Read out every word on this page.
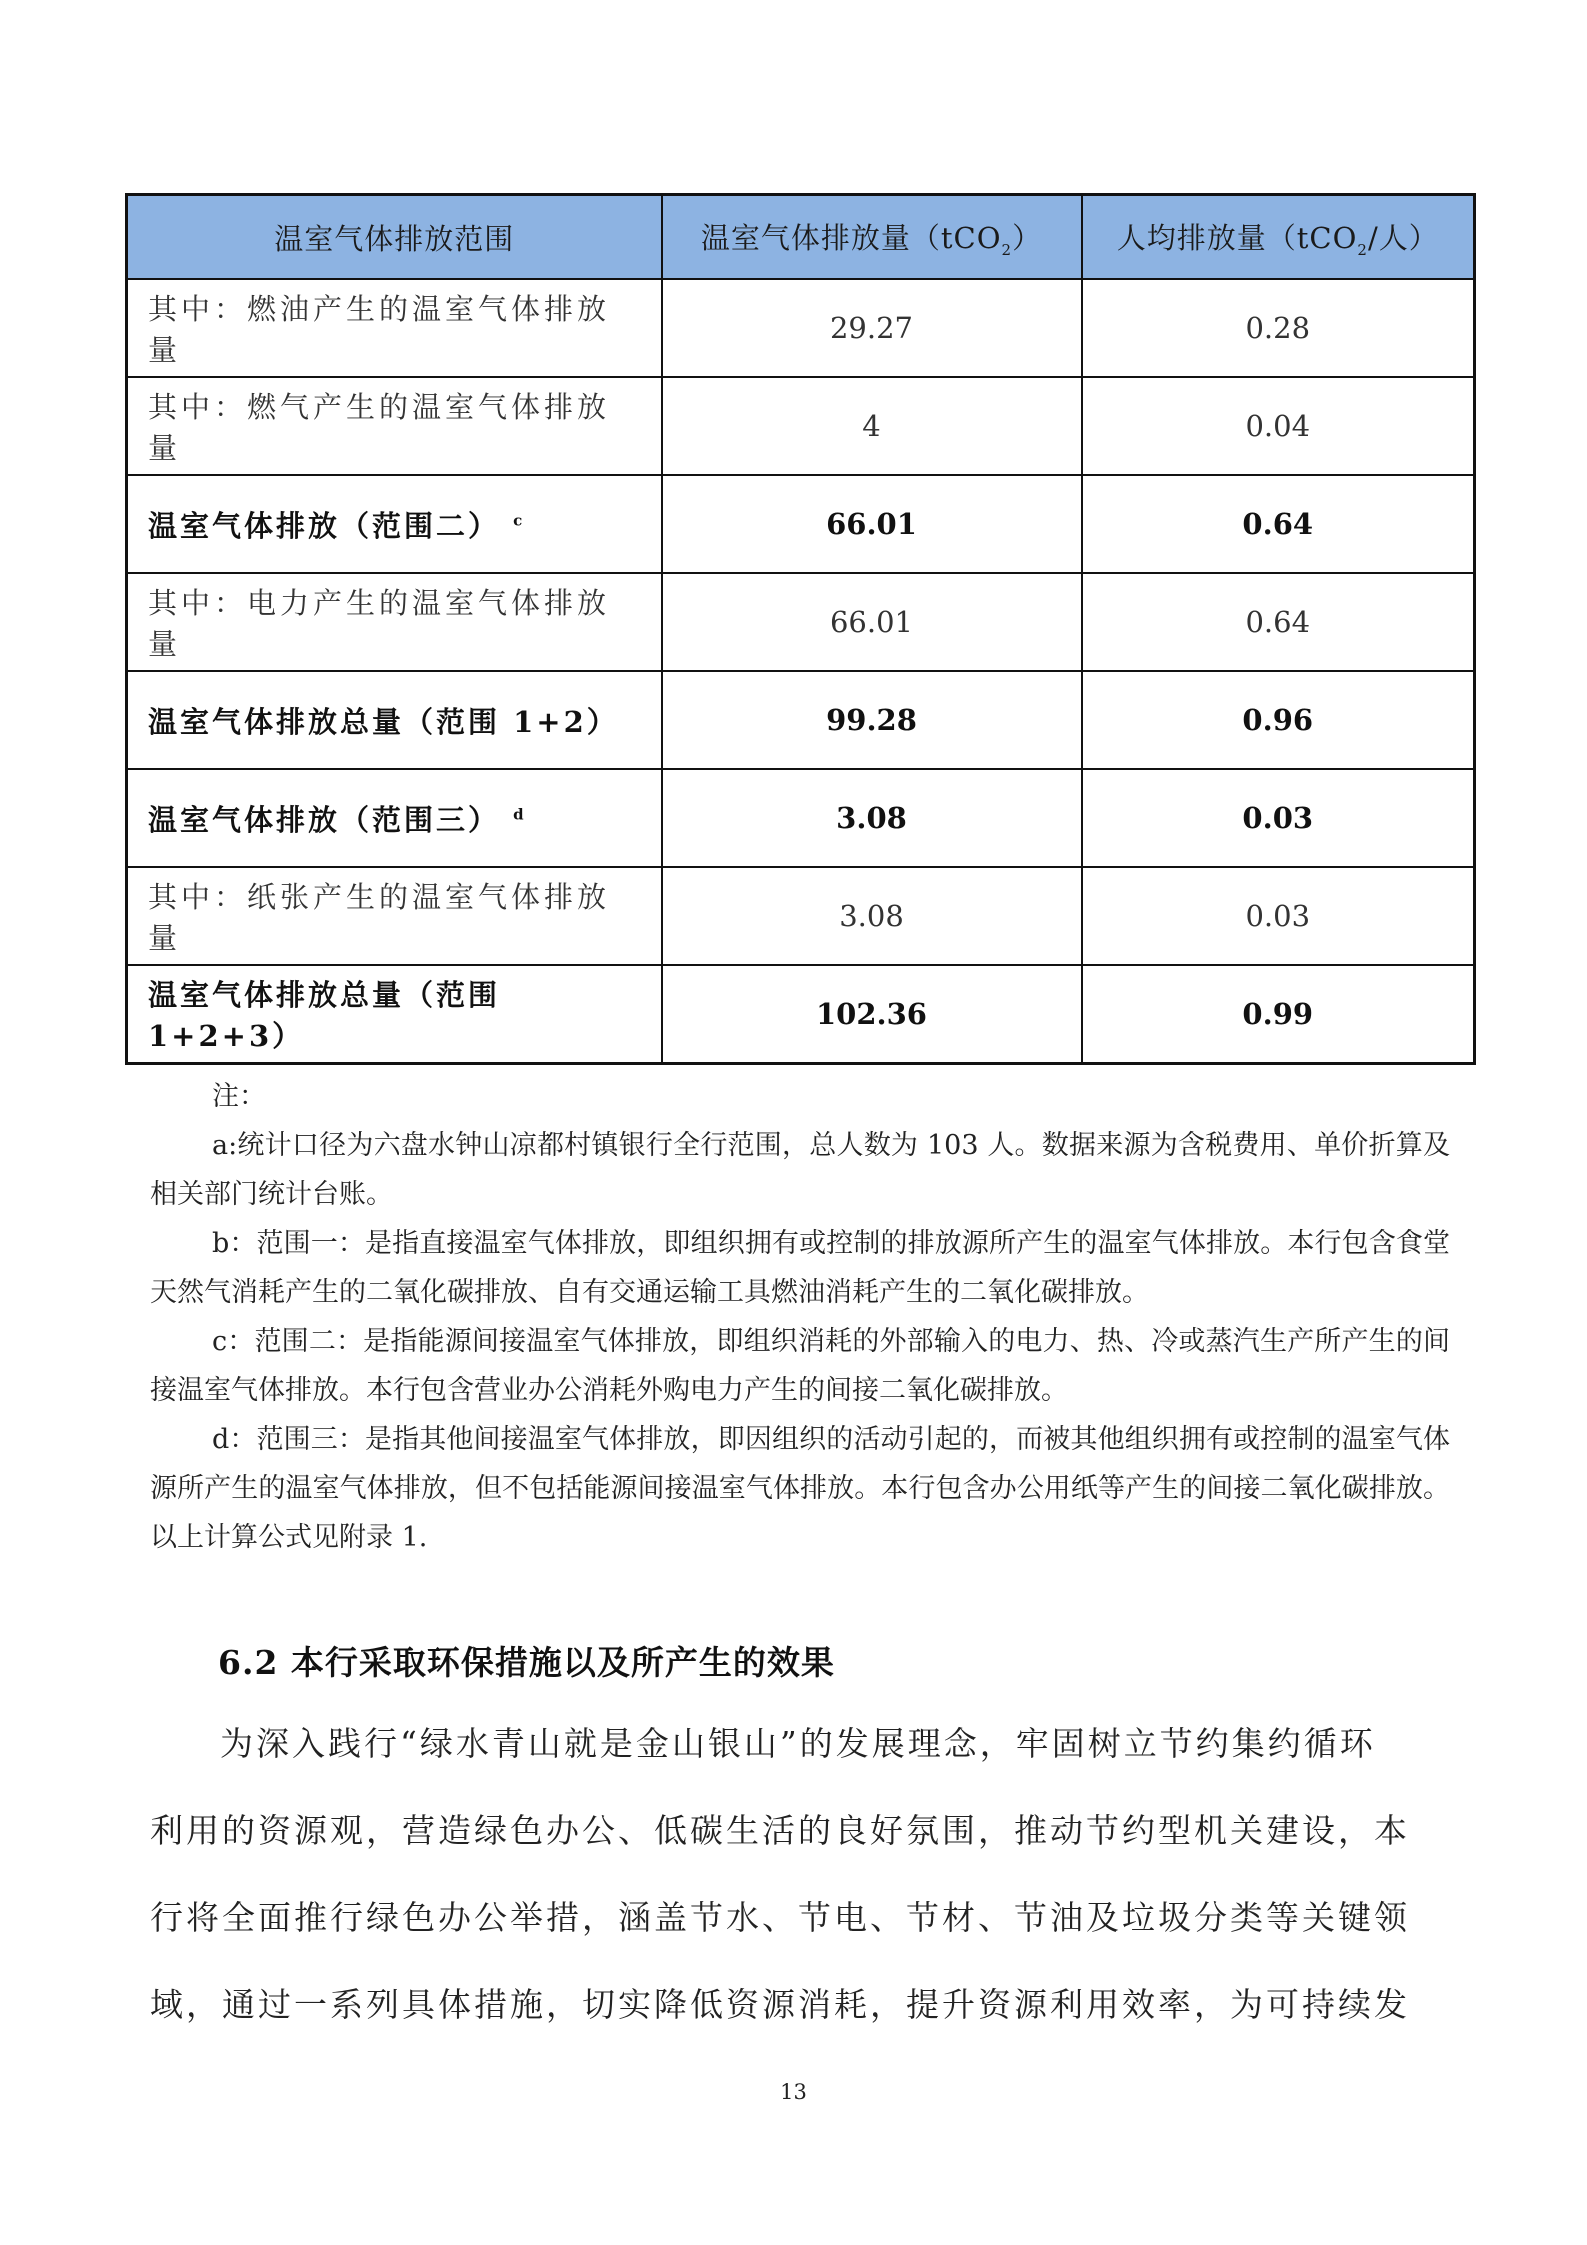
温室气体排放范围	温室气体排放量（tCO$_2$）	人均排放量（tCO$_2$/人）
其中：燃油产生的温室气体排放量	29.27	0.28
其中：燃气产生的温室气体排放量	4	0.04
温室气体排放（范围二） $^c$	66.01	0.64
其中：电力产生的温室气体排放量	66.01	0.64
温室气体排放总量（范围 1+2）	99.28	0.96
温室气体排放（范围三） $^d$	3.08	0.03
其中：纸张产生的温室气体排放量	3.08	0.03
温室气体排放总量（范围 1+2+3）	102.36	0.99

注：

a:统计口径为六盘水钟山凉都村镇银行全行范围，总人数为 103 人。数据来源为含税费用、单价折算及相关部门统计台账。

b：范围一：是指直接温室气体排放，即组织拥有或控制的排放源所产生的温室气体排放。本行包含食堂天然气消耗产生的二氧化碳排放、自有交通运输工具燃油消耗产生的二氧化碳排放。

c：范围二：是指能源间接温室气体排放，即组织消耗的外部输入的电力、热、冷或蒸汽生产所产生的间接温室气体排放。本行包含营业办公消耗外购电力产生的间接二氧化碳排放。

d：范围三：是指其他间接温室气体排放，即因组织的活动引起的，而被其他组织拥有或控制的温室气体源所产生的温室气体排放，但不包括能源间接温室气体排放。本行包含办公用纸等产生的间接二氧化碳排放。以上计算公式见附录 1.

6.2 本行采取环保措施以及所产生的效果
为深入践行“绿水青山就是金山银山”的发展理念，牢固树立节约集约循环
利用的资源观，营造绿色办公、低碳生活的良好氛围，推动节约型机关建设，本
行将全面推行绿色办公举措，涵盖节水、节电、节材、节油及垃圾分类等关键领
域，通过一系列具体措施，切实降低资源消耗，提升资源利用效率，为可持续发
13
